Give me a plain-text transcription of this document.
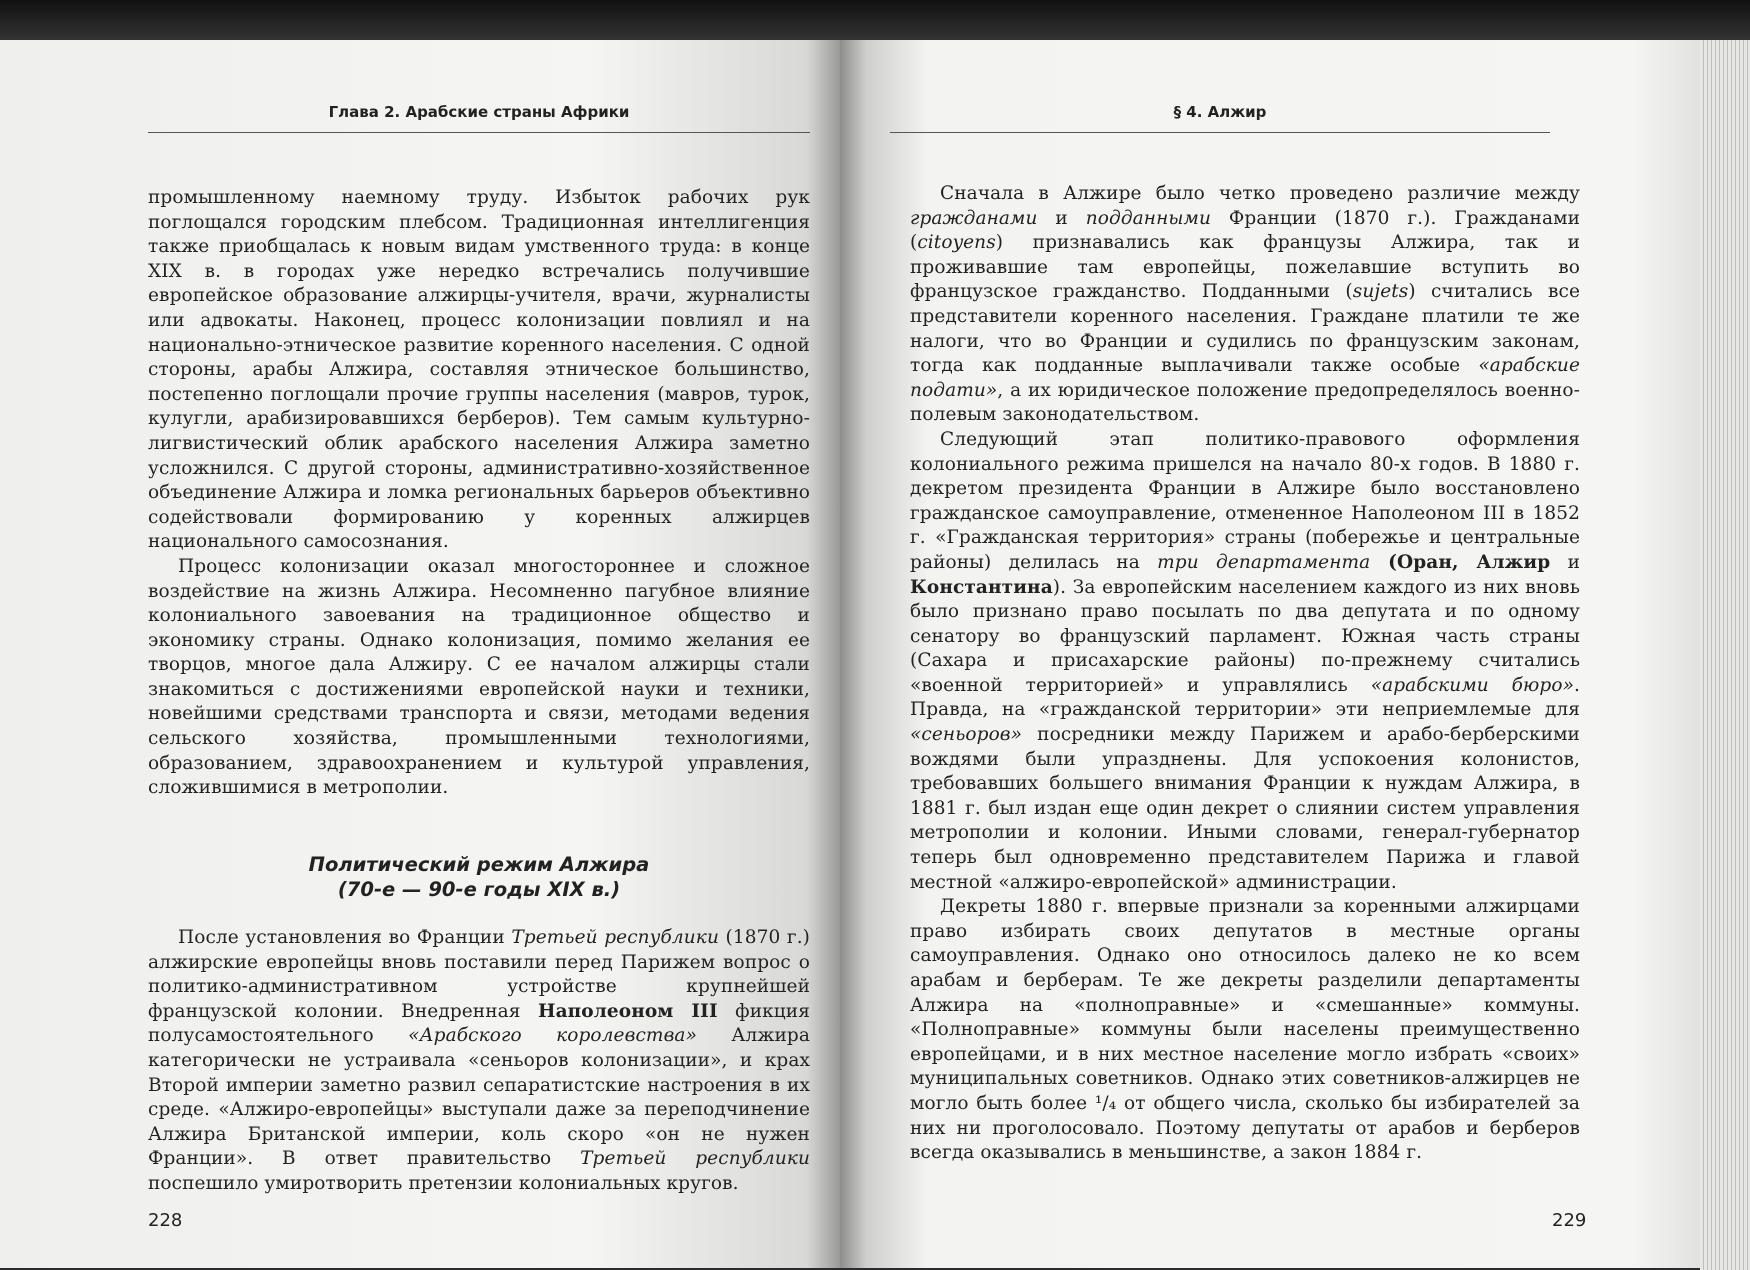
Глава 2. Арабские страны Африки

промышленному наемному труду. Избыток рабочих рук поглощался городским плебсом. Традиционная интеллигенция также приобщалась к новым видам умственного труда: в конце XIX в. в городах уже нередко встречались получившие европейское образование алжирцы-учителя, врачи, журналисты или адвокаты. Наконец, процесс колонизации повлиял и на национально-этническое развитие коренного населения. С одной стороны, арабы Алжира, составляя этническое большинство, постепенно поглощали прочие группы населения (мавров, турок, кулугли, арабизировавшихся берберов). Тем самым культурно-лигвистический облик арабского населения Алжира заметно усложнился. С другой стороны, административно-хозяйственное объединение Алжира и ломка региональных барьеров объективно содействовали формированию у коренных алжирцев национального самосознания.

Процесс колонизации оказал многостороннее и сложное воздействие на жизнь Алжира. Несомненно пагубное влияние колониального завоевания на традиционное общество и экономику страны. Однако колонизация, помимо желания ее творцов, многое дала Алжиру. С ее началом алжирцы стали знакомиться с достижениями европейской науки и техники, новейшими средствами транспорта и связи, методами ведения сельского хозяйства, промышленными технологиями, образованием, здравоохранением и культурой управления, сложившимися в метрополии.

Политический режим Алжира
(70-е — 90-е годы XIX в.)

После установления во Франции Третьей республики (1870 г.) алжирские европейцы вновь поставили перед Парижем вопрос о политико-административном устройстве крупнейшей французской колонии. Внедренная Наполеоном III фикция полусамостоятельного «Арабского королевства» Алжира категорически не устраивала «сеньоров колонизации», и крах Второй империи заметно развил сепаратистские настроения в их среде. «Алжиро-европейцы» выступали даже за переподчинение Алжира Британской империи, коль скоро «он не нужен Франции». В ответ правительство Третьей республики поспешило умиротворить претензии колониальных кругов.

228
§ 4. Алжир

Сначала в Алжире было четко проведено различие между гражданами и подданными Франции (1870 г.). Гражданами (citoyens) признавались как французы Алжира, так и проживавшие там европейцы, пожелавшие вступить во французское гражданство. Подданными (sujets) считались все представители коренного населения. Граждане платили те же налоги, что во Франции и судились по французским законам, тогда как подданные выплачивали также особые «арабские подати», а их юридическое положение предопределялось военно-полевым законодательством.

Следующий этап политико-правового оформления колониального режима пришелся на начало 80-х годов. В 1880 г. декретом президента Франции в Алжире было восстановлено гражданское самоуправление, отмененное Наполеоном III в 1852 г. «Гражданская территория» страны (побережье и центральные районы) делилась на три департамента (Оран, Алжир и Константина). За европейским населением каждого из них вновь было признано право посылать по два депутата и по одному сенатору во французский парламент. Южная часть страны (Сахара и присахарские районы) по-прежнему считались «военной территорией» и управлялись «арабскими бюро». Правда, на «гражданской территории» эти неприемлемые для «сеньоров» посредники между Парижем и арабо-берберскими вождями были упразднены. Для успокоения колонистов, требовавших большего внимания Франции к нуждам Алжира, в 1881 г. был издан еще один декрет о слиянии систем управления метрополии и колонии. Иными словами, генерал-губернатор теперь был одновременно представителем Парижа и главой местной «алжиро-европейской» администрации.

Декреты 1880 г. впервые признали за коренными алжирцами право избирать своих депутатов в местные органы самоуправления. Однако оно относилось далеко не ко всем арабам и берберам. Те же декреты разделили департаменты Алжира на «полноправные» и «смешанные» коммуны. «Полноправные» коммуны были населены преимущественно европейцами, и в них местное население могло избрать «своих» муниципальных советников. Однако этих советников-алжирцев не могло быть более ¹/₄ от общего числа, сколько бы избирателей за них ни проголосовало. Поэтому депутаты от арабов и берберов всегда оказывались в меньшинстве, а закон 1884 г.

229
